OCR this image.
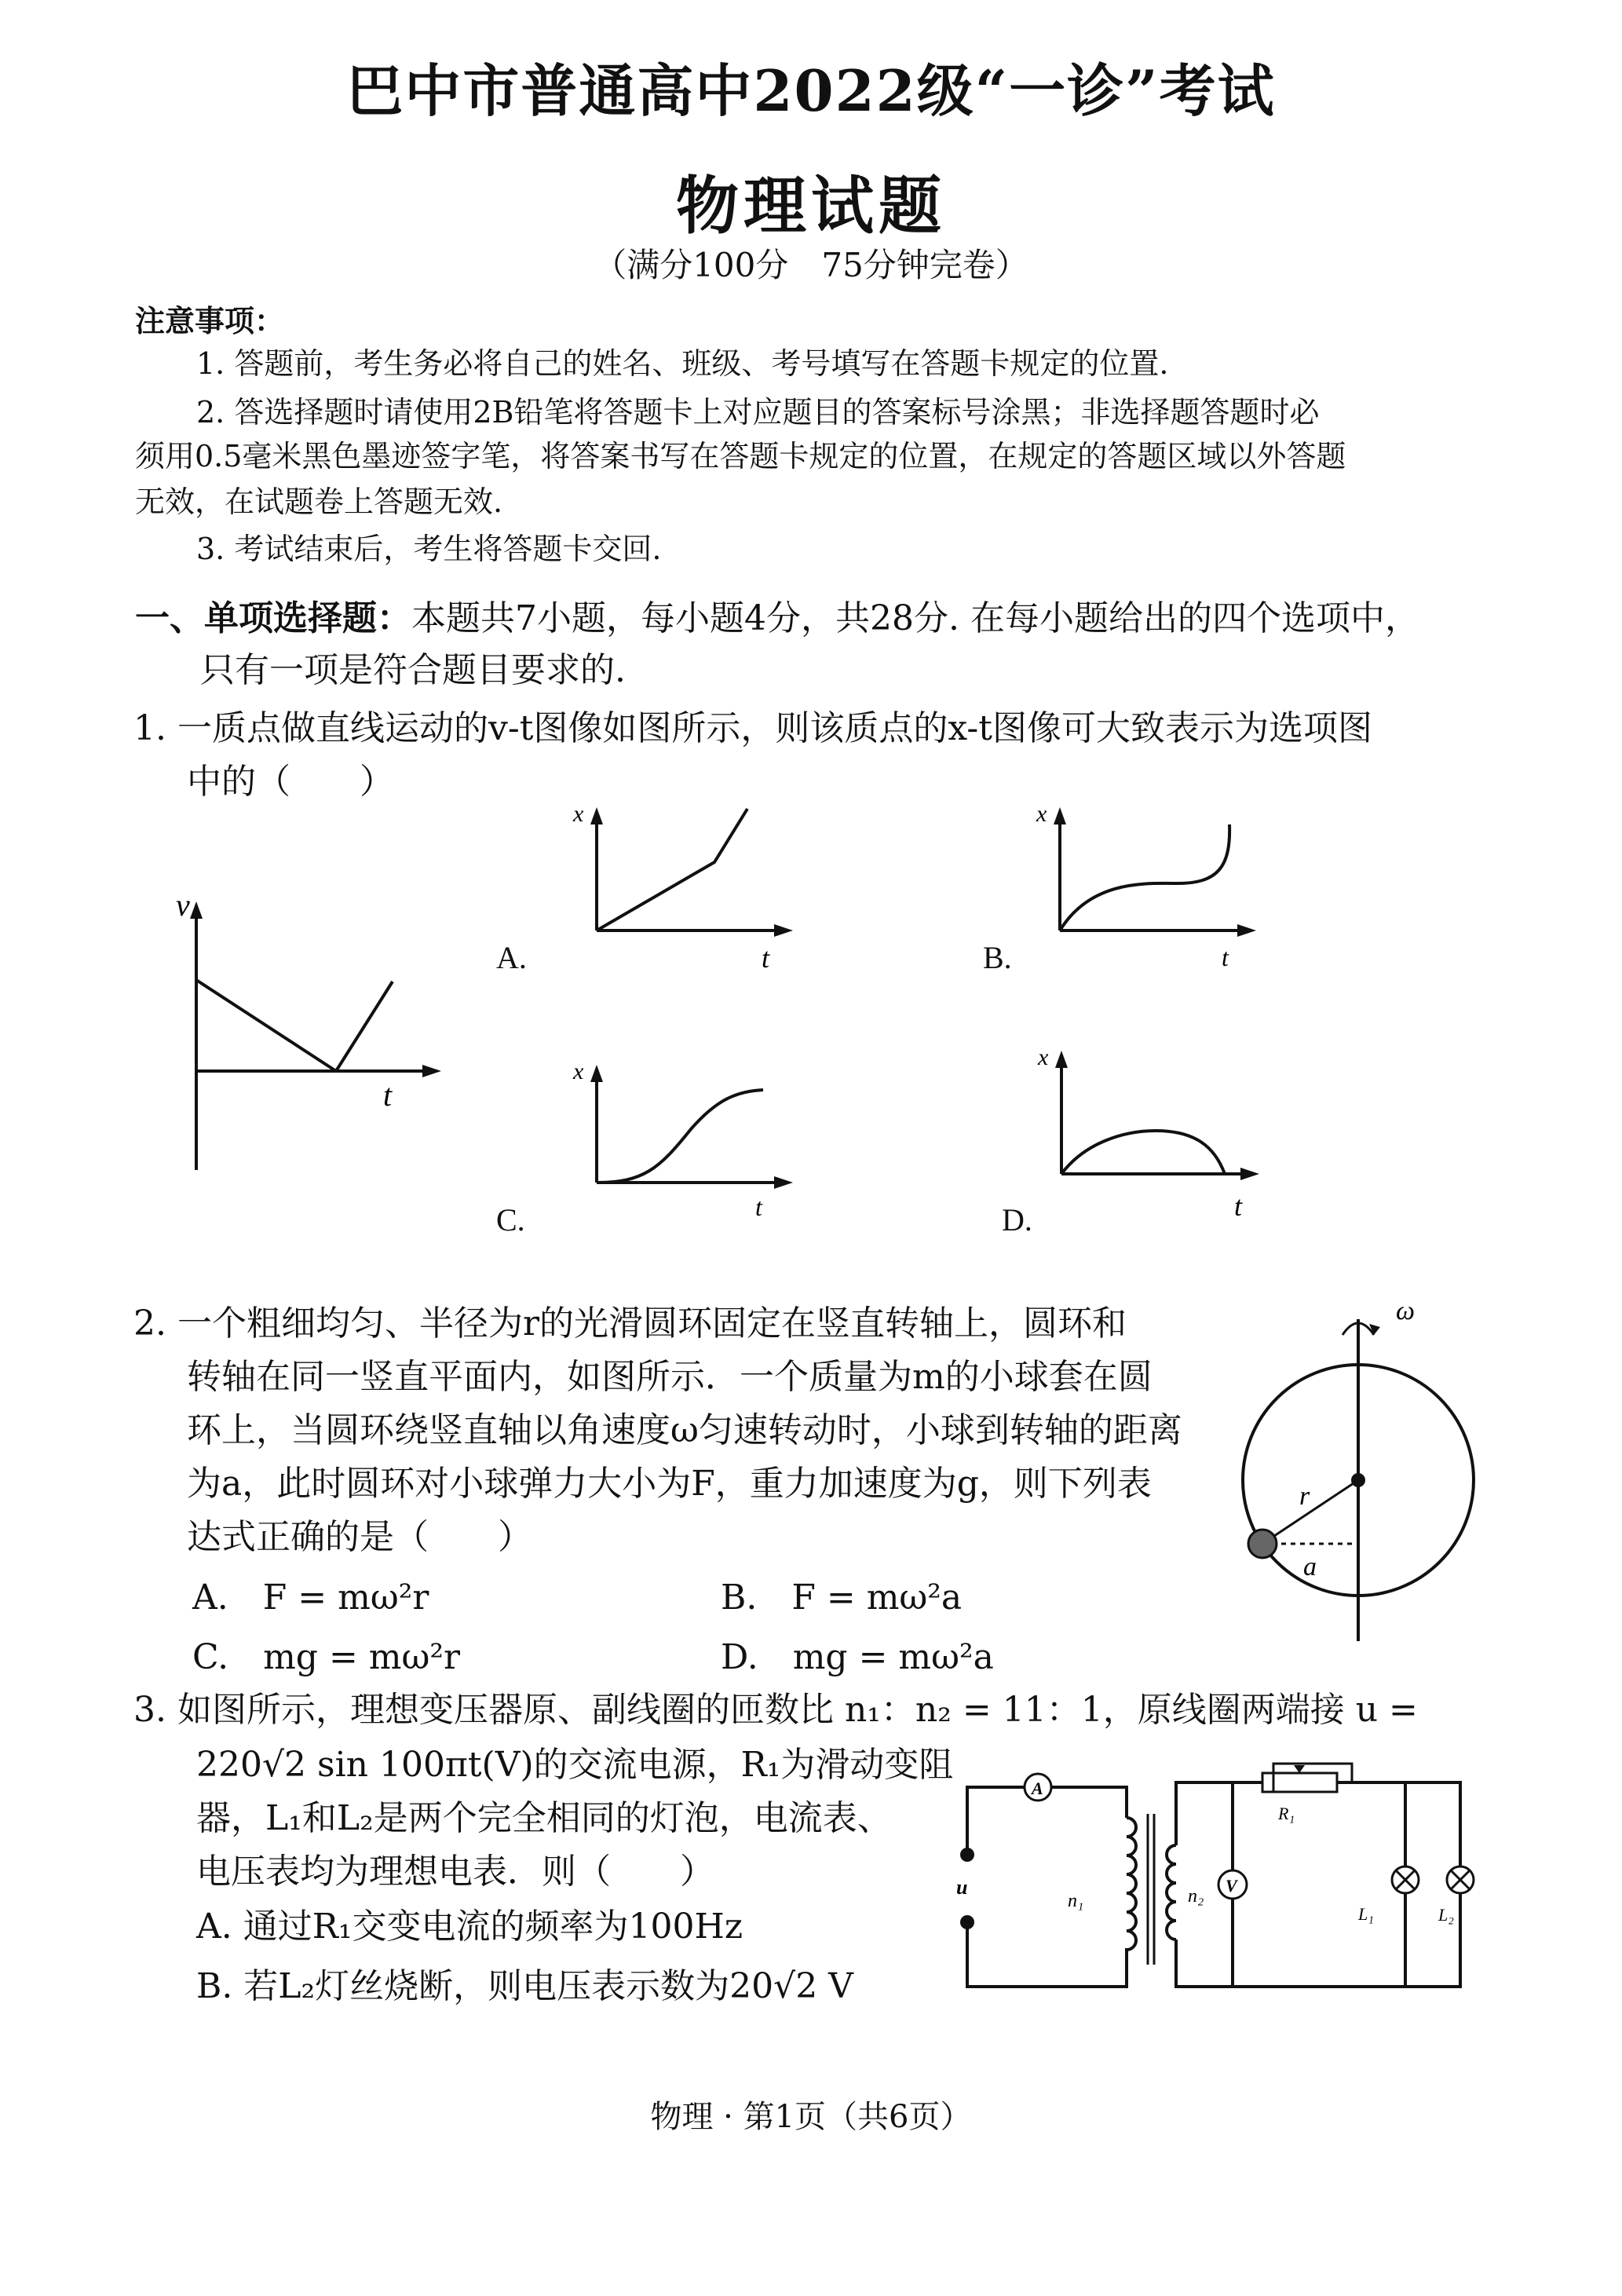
巴中市普通高中2022级“一诊”考试
物理试题
（满分100分　75分钟完卷）
注意事项：
1. 答题前，考生务必将自己的姓名、班级、考号填写在答题卡规定的位置.
2. 答选择题时请使用2B铅笔将答题卡上对应题目的答案标号涂黑；非选择题答题时必
须用0.5毫米黑色墨迹签字笔，将答案书写在答题卡规定的位置，在规定的答题区域以外答题
无效，在试题卷上答题无效.
3. 考试结束后，考生将答题卡交回.
一、单项选择题：本题共7小题，每小题4分，共28分. 在每小题给出的四个选项中，
只有一项是符合题目要求的.
1. 一质点做直线运动的v-t图像如图所示，则该质点的x-t图像可大致表示为选项图
中的（　　）
v
t
A.
x
t	B.
x
t
C.
x
t	D.
x
t
2. 一个粗细均匀、半径为r的光滑圆环固定在竖直转轴上，圆环和
转轴在同一竖直平面内，如图所示．一个质量为m的小球套在圆
环上，当圆环绕竖直轴以角速度ω匀速转动时，小球到转轴的距离
为a，此时圆环对小球弹力大小为F，重力加速度为g，则下列表
达式正确的是（　　）
A.　F = mω²r	B.　F = mω²a
C.　mg = mω²r	D.　mg = mω²a
ω
r
a
3. 如图所示，理想变压器原、副线圈的匝数比 n₁：n₂ = 11：1，原线圈两端接 u =
220√2 sin 100πt(V)的交流电源，R₁为滑动变阻
器，L₁和L₂是两个完全相同的灯泡，电流表、
电压表均为理想电表．则（　　）
A. 通过R₁交变电流的频率为100Hz
B. 若L₂灯丝烧断，则电压表示数为20√2 V
A
V
u
n₁	n₂
R₁
L₁	L₂
物理 · 第1页（共6页）
